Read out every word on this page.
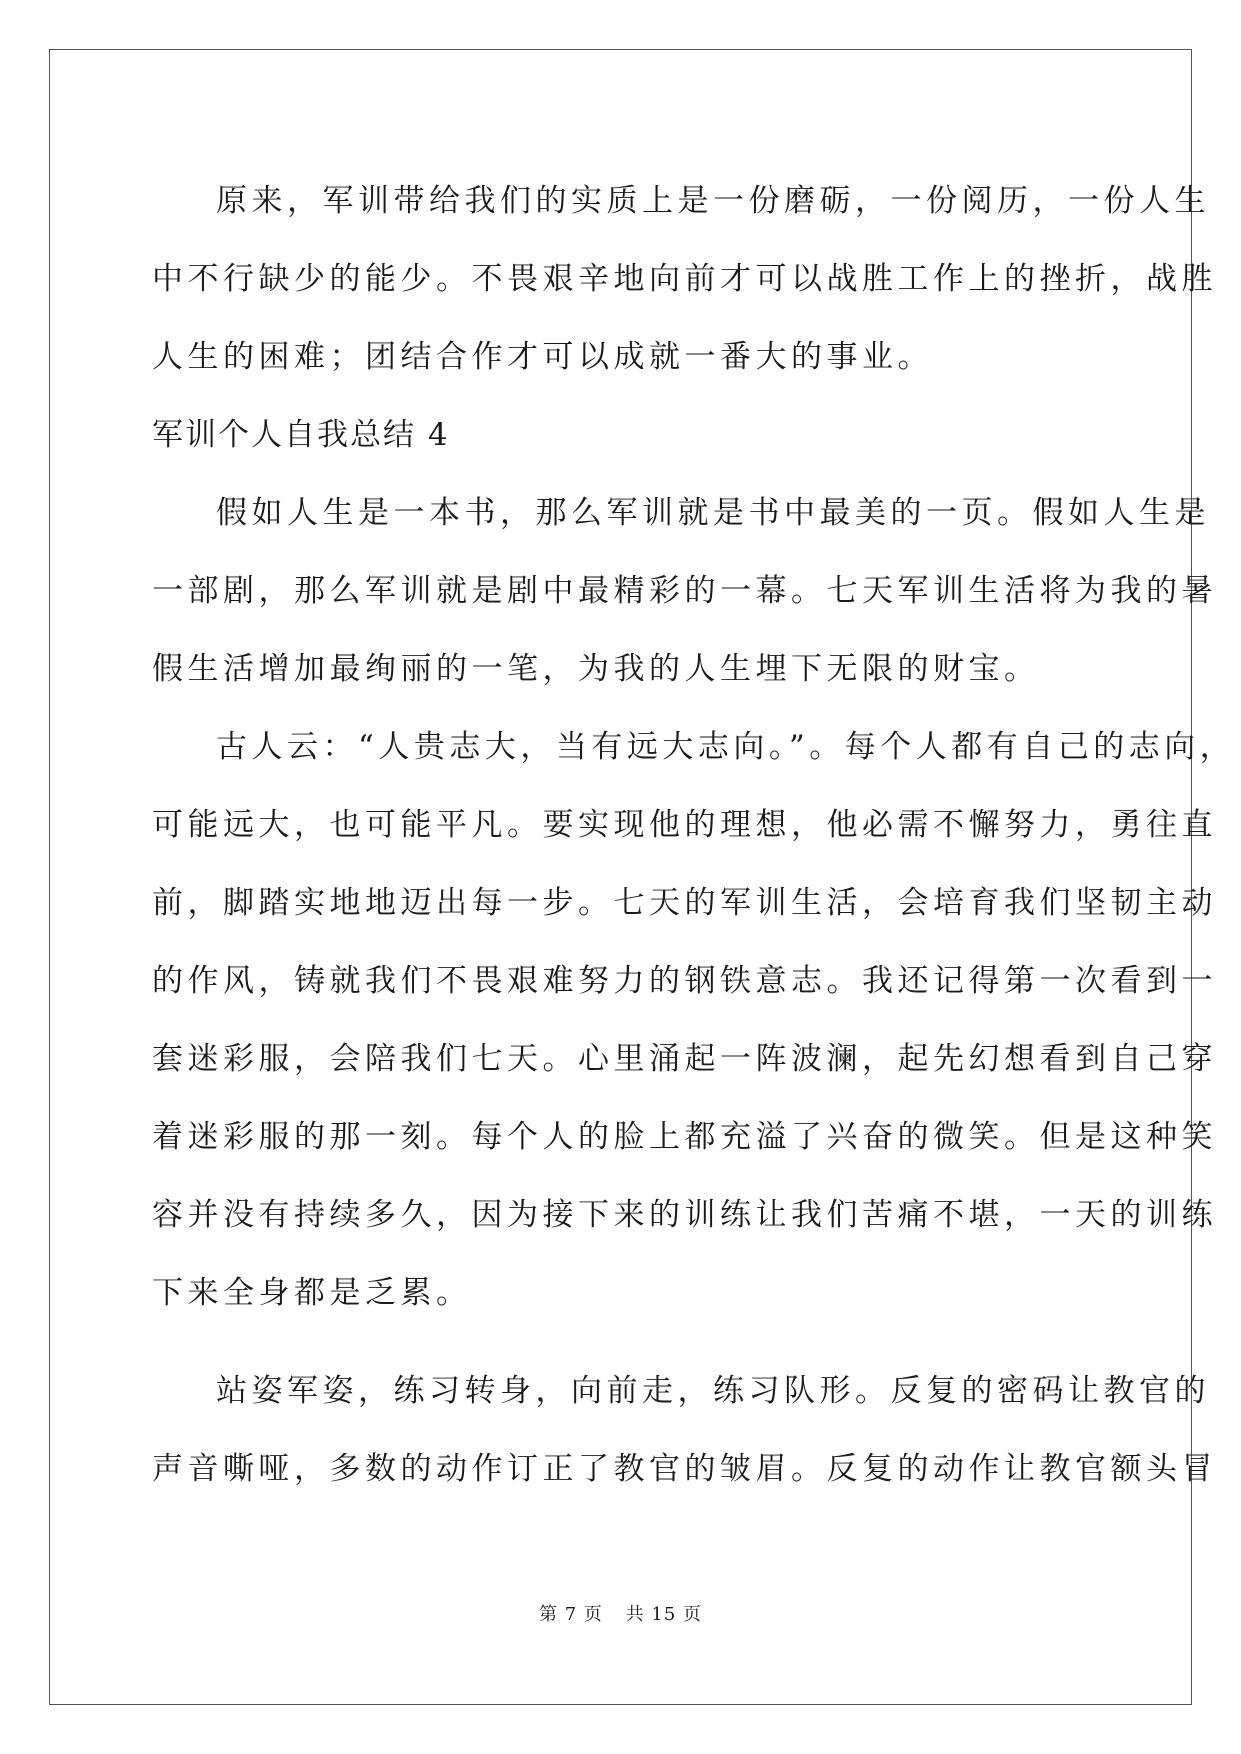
原来，军训带给我们的实质上是一份磨砺，一份阅历，一份人生
中不行缺少的能少。不畏艰辛地向前才可以战胜工作上的挫折，战胜
人生的困难；团结合作才可以成就一番大的事业。
军训个人自我总结 4
假如人生是一本书，那么军训就是书中最美的一页。假如人生是
一部剧，那么军训就是剧中最精彩的一幕。七天军训生活将为我的暑
假生活增加最绚丽的一笔，为我的人生埋下无限的财宝。
古人云：“人贵志大，当有远大志向。”。每个人都有自己的志向，
可能远大，也可能平凡。要实现他的理想，他必需不懈努力，勇往直
前，脚踏实地地迈出每一步。七天的军训生活，会培育我们坚韧主动
的作风，铸就我们不畏艰难努力的钢铁意志。我还记得第一次看到一
套迷彩服，会陪我们七天。心里涌起一阵波澜，起先幻想看到自己穿
着迷彩服的那一刻。每个人的脸上都充溢了兴奋的微笑。但是这种笑
容并没有持续多久，因为接下来的训练让我们苦痛不堪，一天的训练
下来全身都是乏累。
站姿军姿，练习转身，向前走，练习队形。反复的密码让教官的
声音嘶哑，多数的动作订正了教官的皱眉。反复的动作让教官额头冒
第 7 页 共 15 页
